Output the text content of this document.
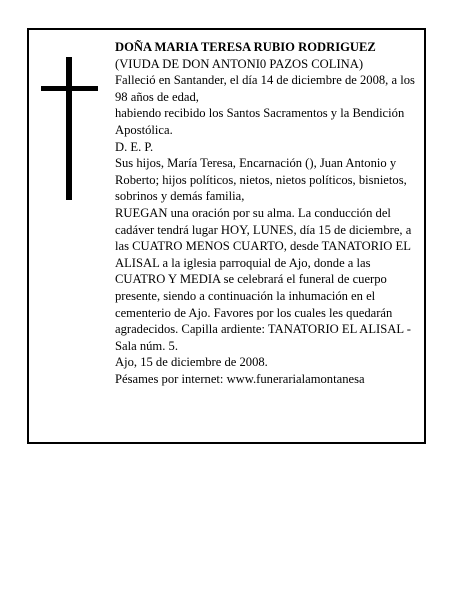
DOÑA MARIA TERESA RUBIO RODRIGUEZ

(VIUDA DE DON ANTONI0 PAZOS COLINA)

Falleció en Santander, el día 14 de diciembre de 2008, a los 98 años de edad,

habiendo recibido los Santos Sacramentos y la Bendición Apostólica.

D. E. P.

Sus hijos, María Teresa, Encarnación (), Juan Antonio y Roberto; hijos políticos, nietos, nietos políticos, bisnietos, sobrinos y demás familia,

RUEGAN una oración por su alma. La conducción del cadáver tendrá lugar HOY, LUNES, día 15 de diciembre, a las CUATRO MENOS CUARTO, desde TANATORIO EL ALISAL a la iglesia parroquial de Ajo, donde a las CUATRO Y MEDIA se celebrará el funeral de cuerpo presente, siendo a continuación la inhumación en el cementerio de Ajo. Favores por los cuales les quedarán agradecidos. Capilla ardiente: TANATORIO EL ALISAL - Sala núm. 5.

Ajo, 15 de diciembre de 2008.

Pésames por internet: www.funerarialamontanesa
